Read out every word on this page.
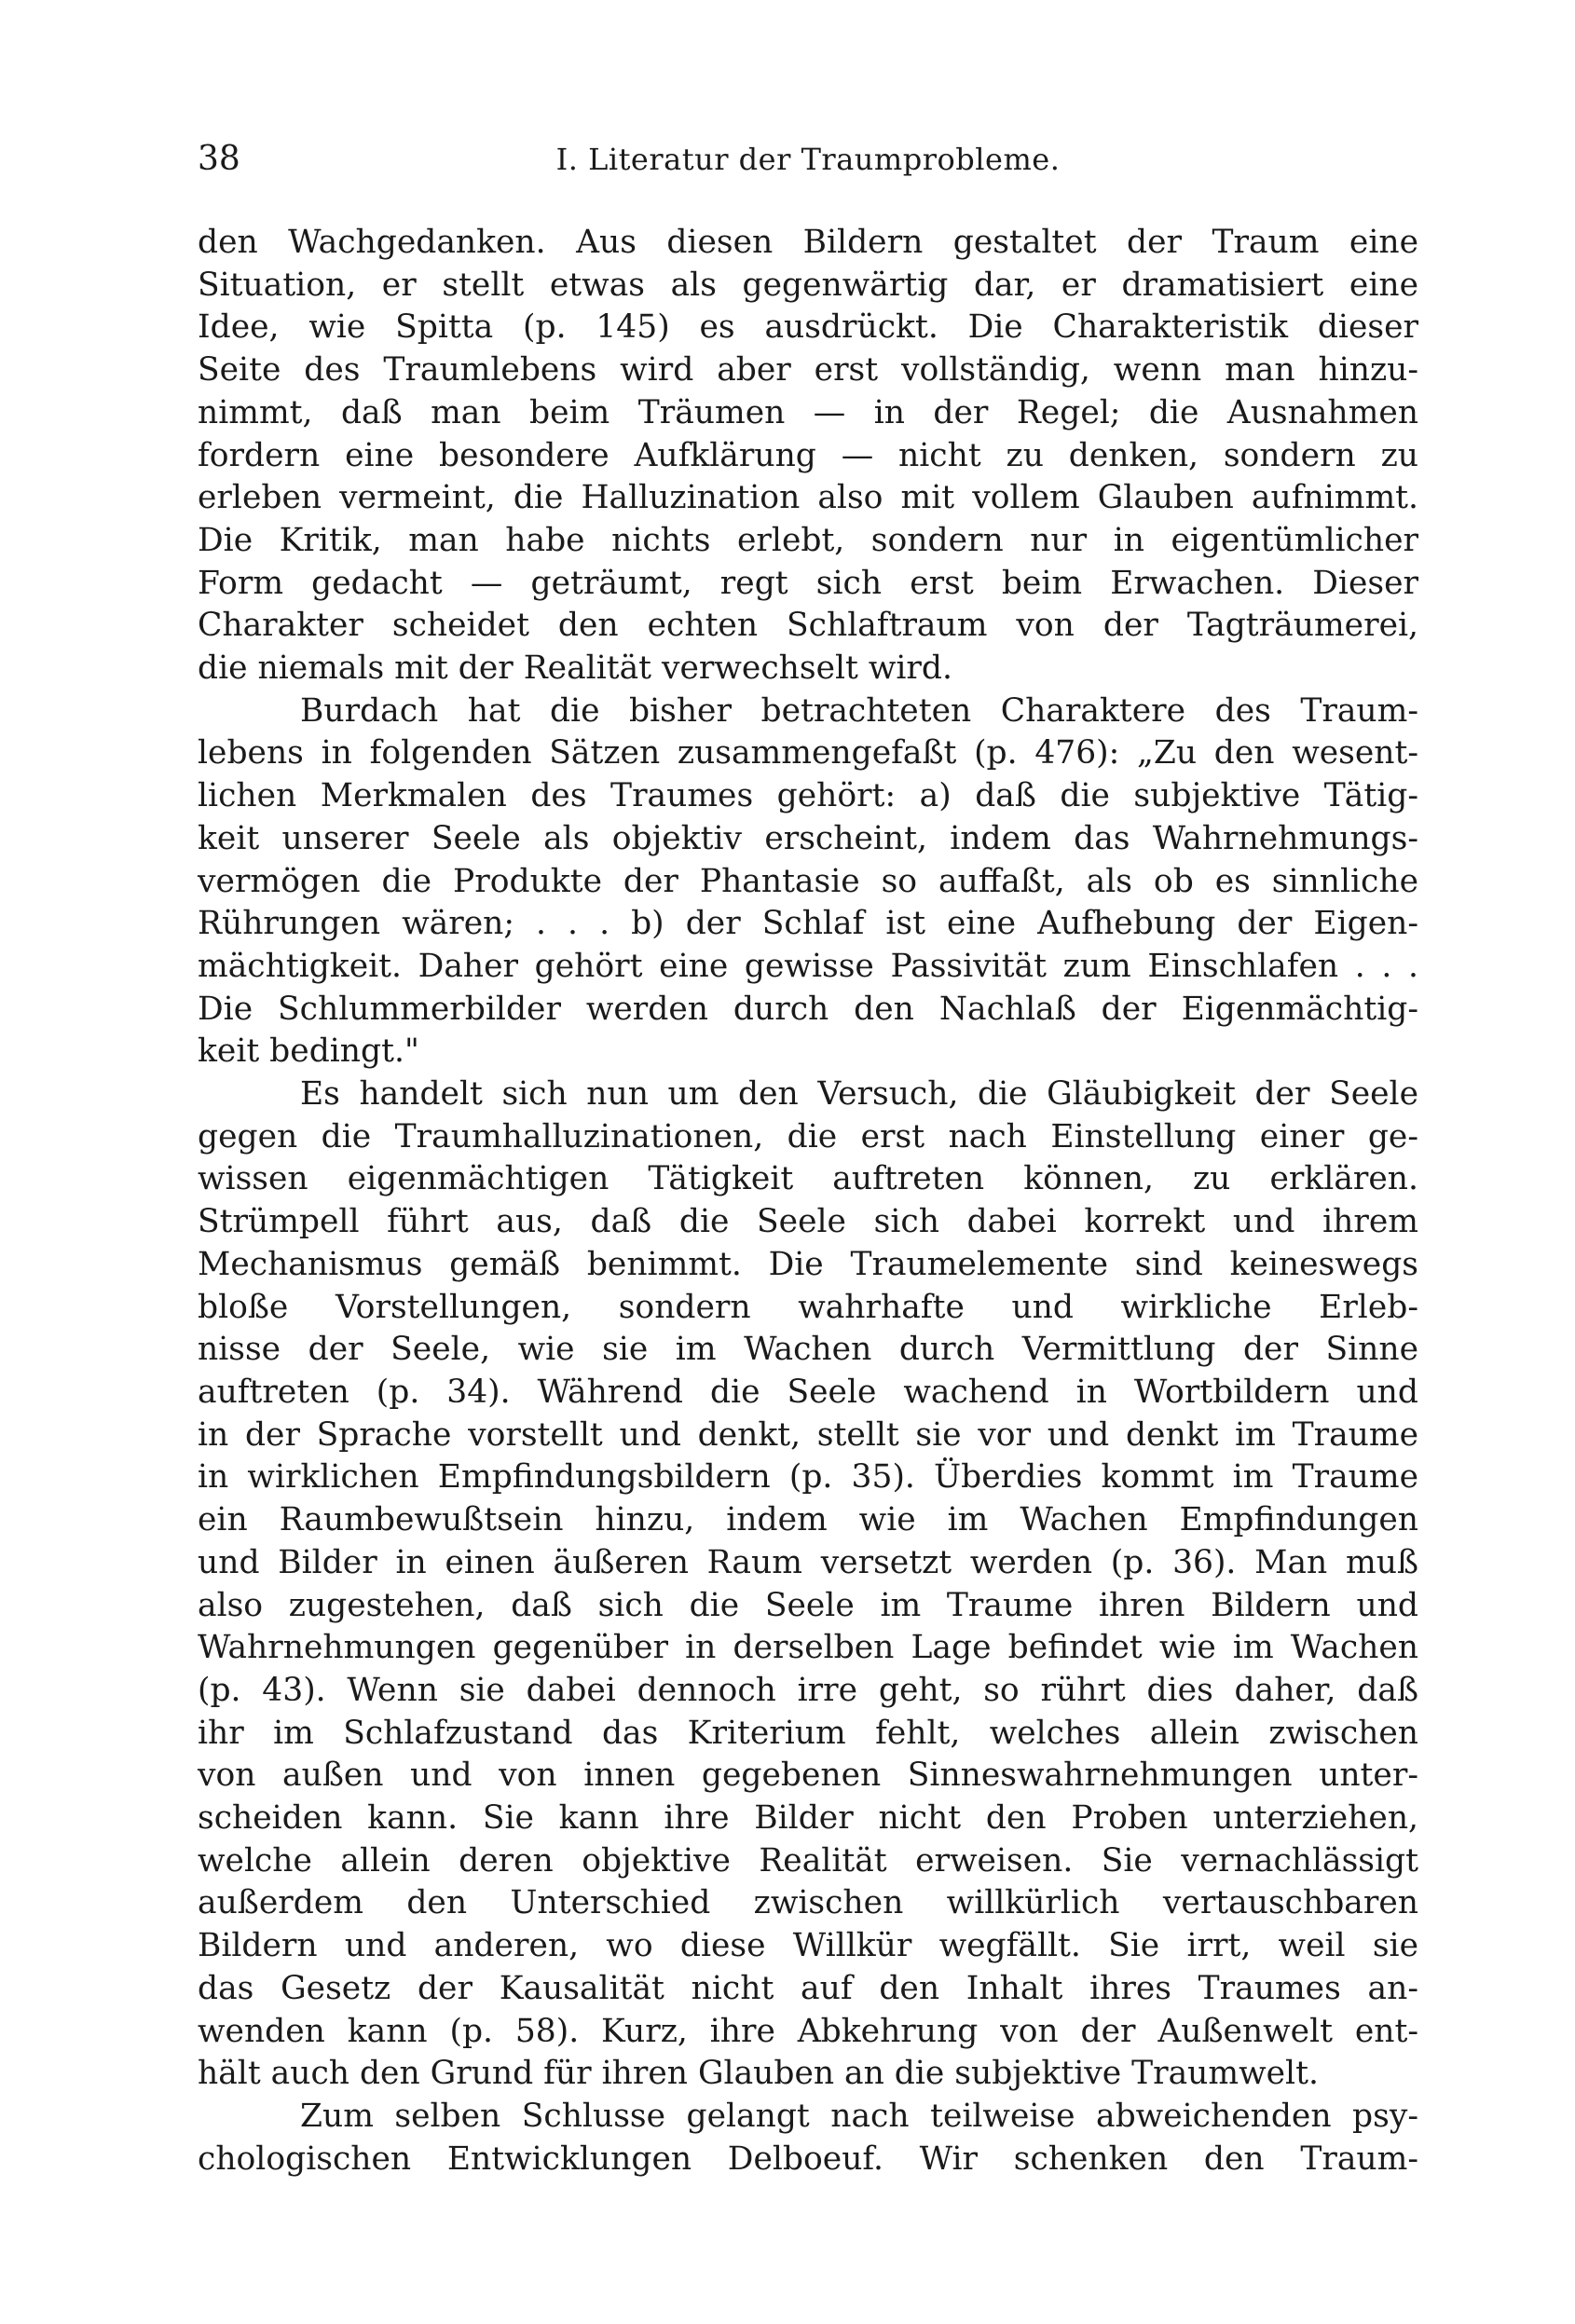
38	I. Literatur der Traumprobleme.
den Wachgedanken. Aus diesen Bildern gestaltet der Traum eine
Situation, er stellt etwas als gegenwärtig dar, er dramatisiert eine
Idee, wie Spitta (p. 145) es ausdrückt. Die Charakteristik dieser
Seite des Traumlebens wird aber erst vollständig, wenn man hinzu-
nimmt, daß man beim Träumen — in der Regel; die Ausnahmen
fordern eine besondere Aufklärung — nicht zu denken, sondern zu
erleben vermeint, die Halluzination also mit vollem Glauben aufnimmt.
Die Kritik, man habe nichts erlebt, sondern nur in eigentümlicher
Form gedacht — geträumt, regt sich erst beim Erwachen. Dieser
Charakter scheidet den echten Schlaftraum von der Tagträumerei,
die niemals mit der Realität verwechselt wird.
Burdach hat die bisher betrachteten Charaktere des Traum-
lebens in folgenden Sätzen zusammengefaßt (p. 476): „Zu den wesent-
lichen Merkmalen des Traumes gehört: a) daß die subjektive Tätig-
keit unserer Seele als objektiv erscheint, indem das Wahrnehmungs-
vermögen die Produkte der Phantasie so auffaßt, als ob es sinnliche
Rührungen wären; . . . b) der Schlaf ist eine Aufhebung der Eigen-
mächtigkeit. Daher gehört eine gewisse Passivität zum Einschlafen . . .
Die Schlummerbilder werden durch den Nachlaß der Eigenmächtig-
keit bedingt."
Es handelt sich nun um den Versuch, die Gläubigkeit der Seele
gegen die Traumhalluzinationen, die erst nach Einstellung einer ge-
wissen eigenmächtigen Tätigkeit auftreten können, zu erklären.
Strümpell führt aus, daß die Seele sich dabei korrekt und ihrem
Mechanismus gemäß benimmt. Die Traumelemente sind keineswegs
bloße Vorstellungen, sondern wahrhafte und wirkliche Erleb-
nisse der Seele, wie sie im Wachen durch Vermittlung der Sinne
auftreten (p. 34). Während die Seele wachend in Wortbildern und
in der Sprache vorstellt und denkt, stellt sie vor und denkt im Traume
in wirklichen Empfindungsbildern (p. 35). Überdies kommt im Traume
ein Raumbewußtsein hinzu, indem wie im Wachen Empfindungen
und Bilder in einen äußeren Raum versetzt werden (p. 36). Man muß
also zugestehen, daß sich die Seele im Traume ihren Bildern und
Wahrnehmungen gegenüber in derselben Lage befindet wie im Wachen
(p. 43). Wenn sie dabei dennoch irre geht, so rührt dies daher, daß
ihr im Schlafzustand das Kriterium fehlt, welches allein zwischen
von außen und von innen gegebenen Sinneswahrnehmungen unter-
scheiden kann. Sie kann ihre Bilder nicht den Proben unterziehen,
welche allein deren objektive Realität erweisen. Sie vernachlässigt
außerdem den Unterschied zwischen willkürlich vertauschbaren
Bildern und anderen, wo diese Willkür wegfällt. Sie irrt, weil sie
das Gesetz der Kausalität nicht auf den Inhalt ihres Traumes an-
wenden kann (p. 58). Kurz, ihre Abkehrung von der Außenwelt ent-
hält auch den Grund für ihren Glauben an die subjektive Traumwelt.
Zum selben Schlusse gelangt nach teilweise abweichenden psy-
chologischen Entwicklungen Delboeuf. Wir schenken den Traum-
